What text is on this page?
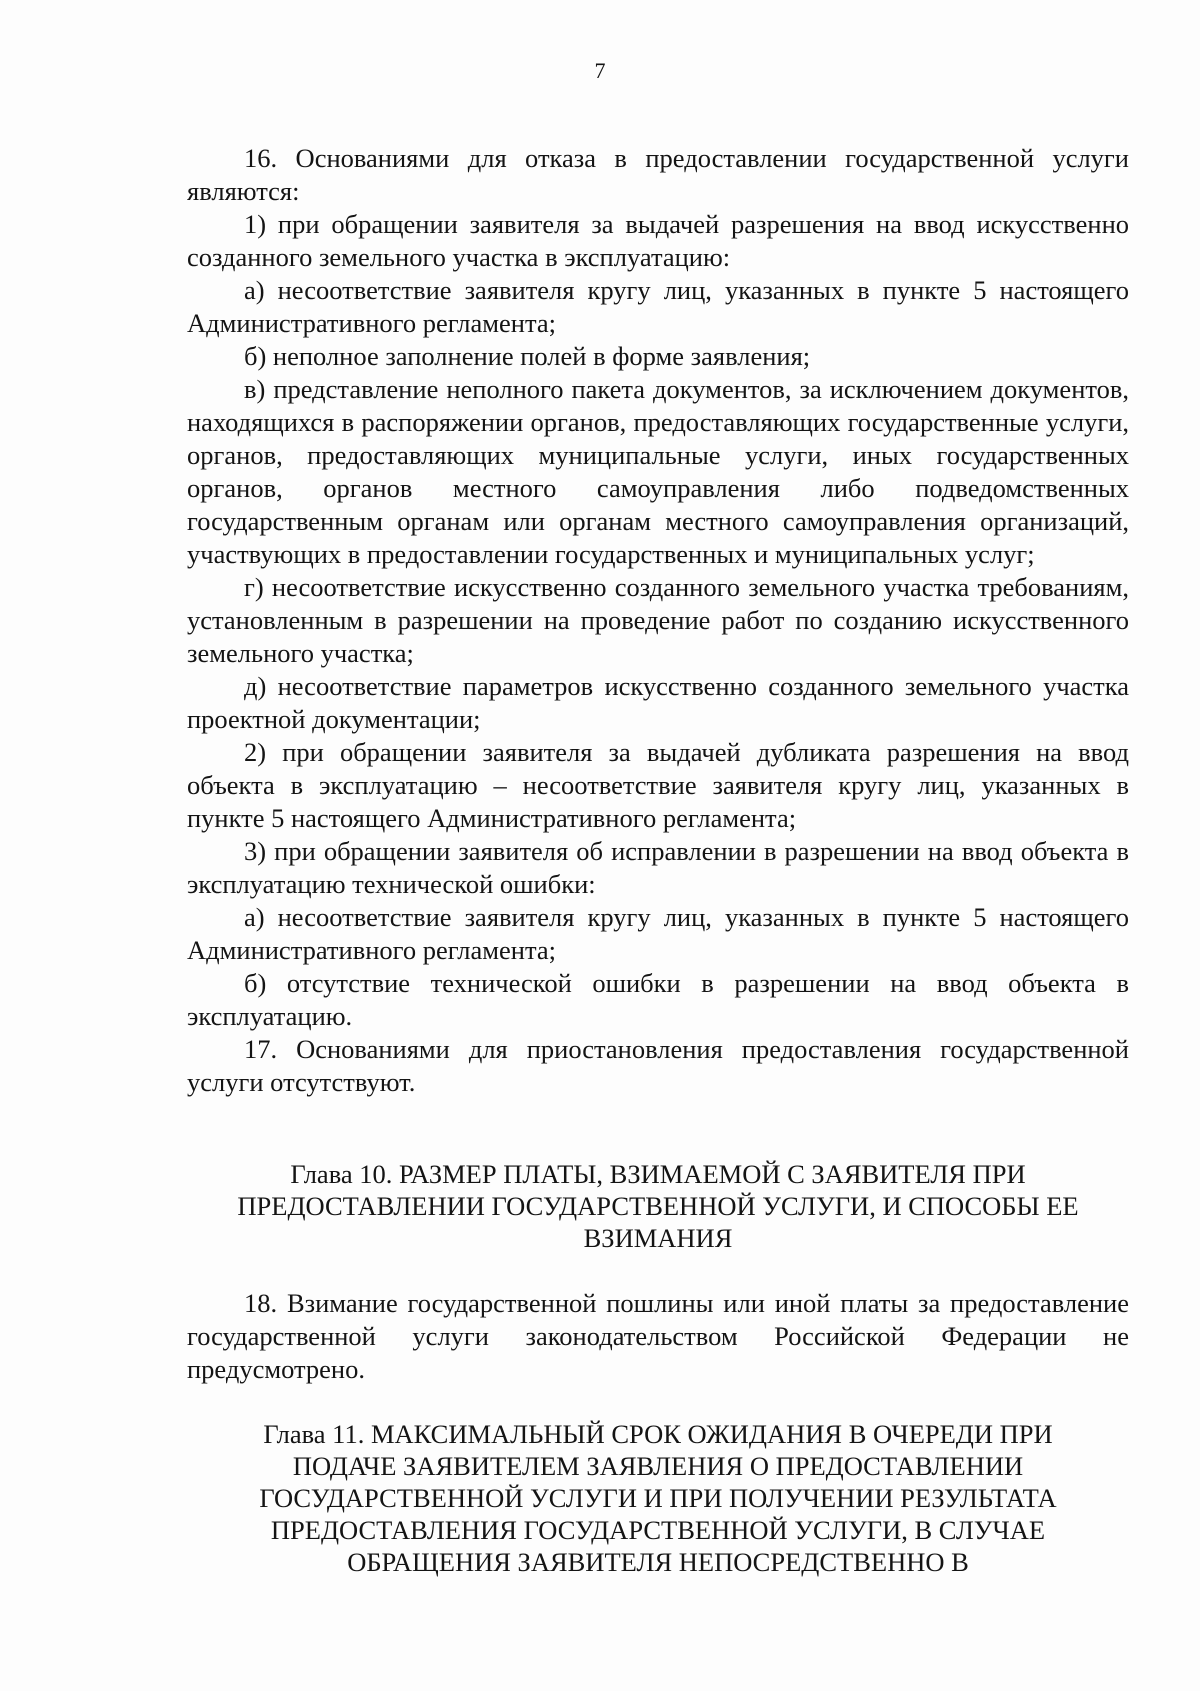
7

16. Основаниями для отказа в предоставлении государственной услуги являются:

1) при обращении заявителя за выдачей разрешения на ввод искусственно созданного земельного участка в эксплуатацию:

а) несоответствие заявителя кругу лиц, указанных в пункте 5 настоящего Административного регламента;

б) неполное заполнение полей в форме заявления;

в) представление неполного пакета документов, за исключением документов, находящихся в распоряжении органов, предоставляющих государственные услуги, органов, предоставляющих муниципальные услуги, иных государственных органов, органов местного самоуправления либо подведомственных государственным органам или органам местного самоуправления организаций, участвующих в предоставлении государственных и муниципальных услуг;

г) несоответствие искусственно созданного земельного участка требованиям, установленным в разрешении на проведение работ по созданию искусственного земельного участка;

д) несоответствие параметров искусственно созданного земельного участка проектной документации;

2) при обращении заявителя за выдачей дубликата разрешения на ввод объекта в эксплуатацию – несоответствие заявителя кругу лиц, указанных в пункте 5 настоящего Административного регламента;

3) при обращении заявителя об исправлении в разрешении на ввод объекта в эксплуатацию технической ошибки:

а) несоответствие заявителя кругу лиц, указанных в пункте 5 настоящего Административного регламента;

б) отсутствие технической ошибки в разрешении на ввод объекта в эксплуатацию.

17. Основаниями для приостановления предоставления государственной услуги отсутствуют.

Глава 10. РАЗМЕР ПЛАТЫ, ВЗИМАЕМОЙ С ЗАЯВИТЕЛЯ ПРИ
ПРЕДОСТАВЛЕНИИ ГОСУДАРСТВЕННОЙ УСЛУГИ, И СПОСОБЫ ЕЕ
ВЗИМАНИЯ

18. Взимание государственной пошлины или иной платы за предоставление государственной услуги законодательством Российской Федерации не предусмотрено.

Глава 11. МАКСИМАЛЬНЫЙ СРОК ОЖИДАНИЯ В ОЧЕРЕДИ ПРИ
ПОДАЧЕ ЗАЯВИТЕЛЕМ ЗАЯВЛЕНИЯ О ПРЕДОСТАВЛЕНИИ
ГОСУДАРСТВЕННОЙ УСЛУГИ И ПРИ ПОЛУЧЕНИИ РЕЗУЛЬТАТА
ПРЕДОСТАВЛЕНИЯ ГОСУДАРСТВЕННОЙ УСЛУГИ, В СЛУЧАЕ
ОБРАЩЕНИЯ ЗАЯВИТЕЛЯ НЕПОСРЕДСТВЕННО В
